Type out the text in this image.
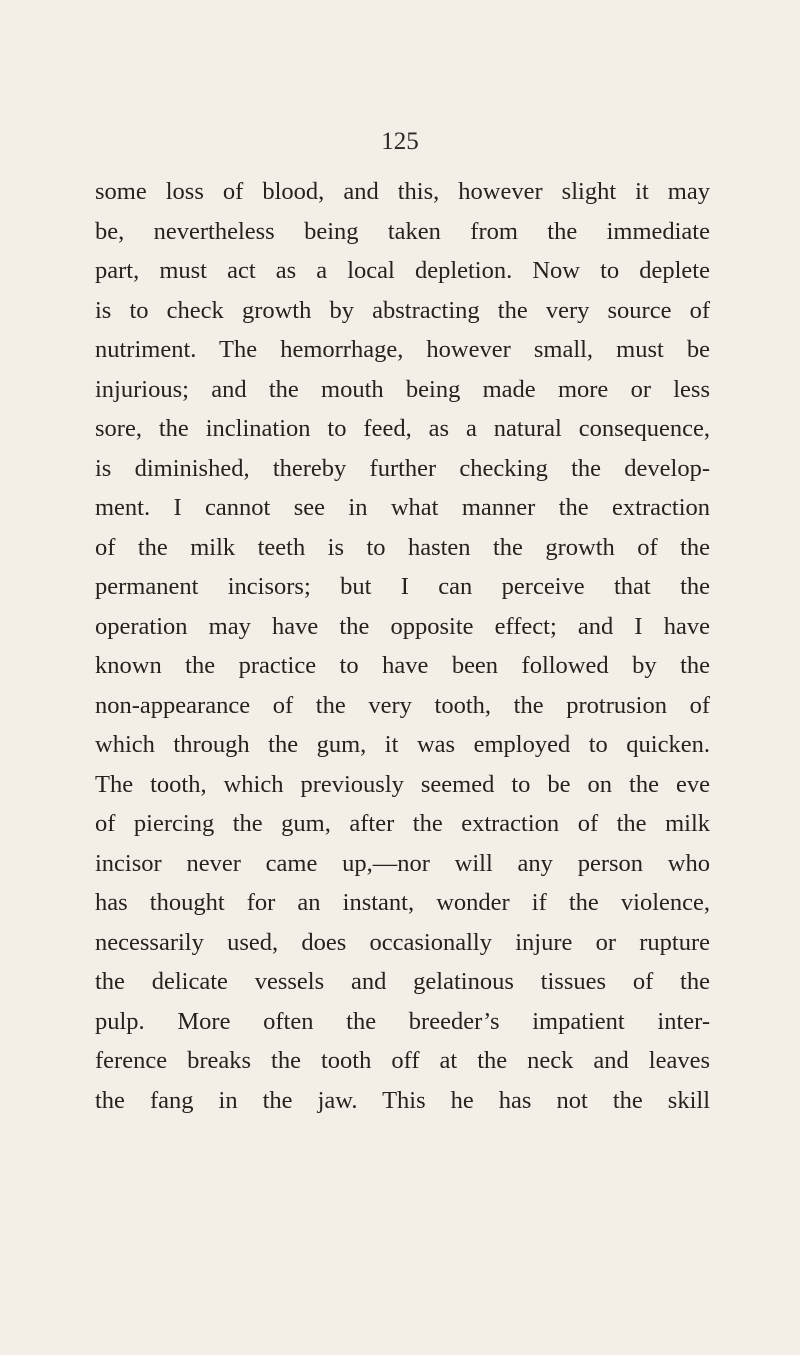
125
some loss of blood, and this, however slight it may
be, nevertheless being taken from the immediate
part, must act as a local depletion. Now to deplete
is to check growth by abstracting the very source of
nutriment. The hemorrhage, however small, must be
injurious; and the mouth being made more or less
sore, the inclination to feed, as a natural consequence,
is diminished, thereby further checking the develop-
ment. I cannot see in what manner the extraction
of the milk teeth is to hasten the growth of the
permanent incisors; but I can perceive that the
operation may have the opposite effect; and I have
known the practice to have been followed by the
non-appearance of the very tooth, the protrusion of
which through the gum, it was employed to quicken.
The tooth, which previously seemed to be on the eve
of piercing the gum, after the extraction of the milk
incisor never came up,—nor will any person who
has thought for an instant, wonder if the violence,
necessarily used, does occasionally injure or rupture
the delicate vessels and gelatinous tissues of the
pulp. More often the breeder’s impatient inter-
ference breaks the tooth off at the neck and leaves
the fang in the jaw. This he has not the skill
